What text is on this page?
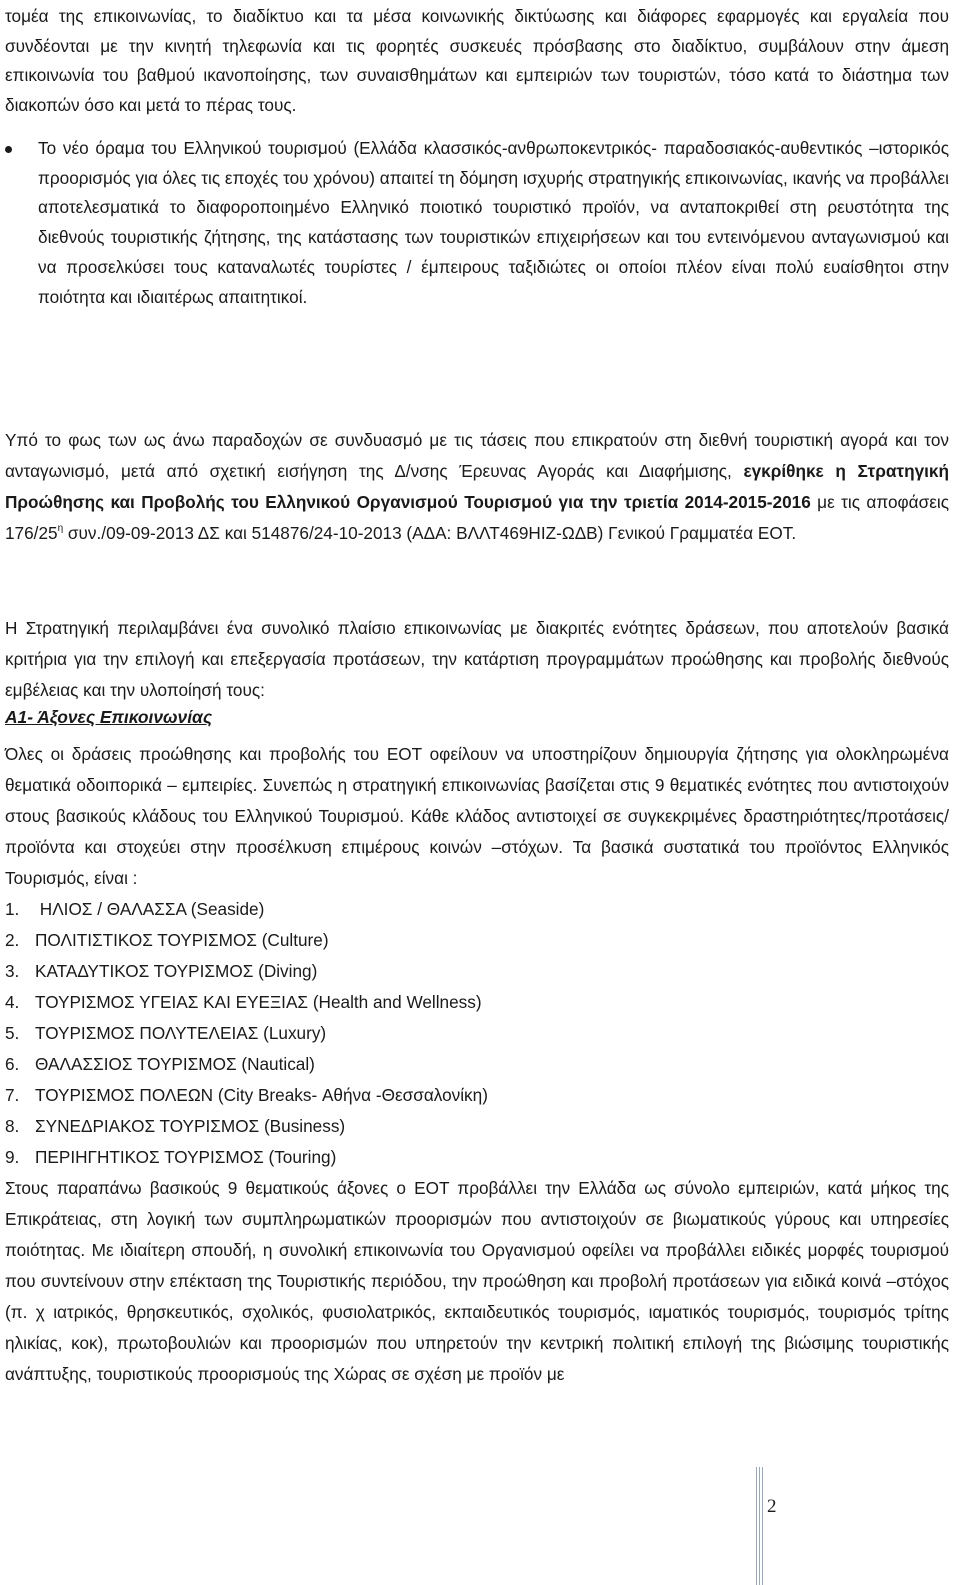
τομέα της επικοινωνίας, το διαδίκτυο και τα μέσα κοινωνικής δικτύωσης και διάφορες εφαρμογές και εργαλεία που συνδέονται με την κινητή τηλεφωνία και τις φορητές συσκευές πρόσβασης στο διαδίκτυο, συμβάλουν στην άμεση επικοινωνία του βαθμού ικανοποίησης, των συναισθημάτων και εμπειριών των τουριστών, τόσο κατά το διάστημα των διακοπών όσο και μετά το πέρας τους.

Το νέο όραμα του Ελληνικού τουρισμού (Ελλάδα κλασσικός-ανθρωποκεντρικός- παραδοσιακός-αυθεντικός –ιστορικός προορισμός για όλες τις εποχές του χρόνου) απαιτεί τη δόμηση ισχυρής στρατηγικής επικοινωνίας, ικανής να προβάλλει αποτελεσματικά το διαφοροποιημένο Ελληνικό ποιοτικό τουριστικό προϊόν, να ανταποκριθεί στη ρευστότητα της διεθνούς τουριστικής ζήτησης, της κατάστασης των τουριστικών επιχειρήσεων και του εντεινόμενου ανταγωνισμού και να προσελκύσει τους καταναλωτές τουρίστες / έμπειρους ταξιδιώτες οι οποίοι πλέον είναι πολύ ευαίσθητοι στην ποιότητα και ιδιαιτέρως απαιτητικοί.

Υπό το φως των ως άνω παραδοχών σε συνδυασμό με τις τάσεις που επικρατούν στη διεθνή τουριστική αγορά και τον ανταγωνισμό, μετά από σχετική εισήγηση της Δ/νσης Έρευνας Αγοράς και Διαφήμισης, εγκρίθηκε η Στρατηγική Προώθησης και Προβολής του Ελληνικού Οργανισμού Τουρισμού για την τριετία 2014-2015-2016 με τις αποφάσεις $176/25^\eta$ συν./09-09-2013 ΔΣ και 514876/24-10-2013 (ΑΔΑ: ΒΛΛΤ469ΗΙΖ-ΩΔΒ) Γενικού Γραμματέα ΕΟΤ.

Η Στρατηγική περιλαμβάνει ένα συνολικό πλαίσιο επικοινωνίας με διακριτές ενότητες δράσεων, που αποτελούν βασικά κριτήρια για την επιλογή και επεξεργασία προτάσεων, την κατάρτιση προγραμμάτων προώθησης και προβολής διεθνούς εμβέλειας και την υλοποίησή τους:

Α1- Άξονες Επικοινωνίας

Όλες οι δράσεις προώθησης και προβολής του ΕΟΤ οφείλουν να υποστηρίζουν δημιουργία ζήτησης για ολοκληρωμένα θεματικά οδοιπορικά – εμπειρίες. Συνεπώς η στρατηγική επικοινωνίας βασίζεται στις 9 θεματικές ενότητες που αντιστοιχούν στους βασικούς κλάδους του Ελληνικού Τουρισμού. Κάθε κλάδος αντιστοιχεί σε συγκεκριμένες δραστηριότητες/προτάσεις/προϊόντα και στοχεύει στην προσέλκυση επιμέρους κοινών –στόχων. Τα βασικά συστατικά του προϊόντος Ελληνικός Τουρισμός, είναι :

1. ΗΛΙΟΣ / ΘΑΛΑΣΣΑ (Seaside)
2. ΠΟΛΙΤΙΣΤΙΚΟΣ ΤΟΥΡΙΣΜΟΣ (Culture)
3. ΚΑΤΑΔΥΤΙΚΟΣ ΤΟΥΡΙΣΜΟΣ (Diving)
4. ΤΟΥΡΙΣΜΟΣ ΥΓΕΙΑΣ ΚΑΙ ΕΥΕΞΙΑΣ (Health and Wellness)
5. ΤΟΥΡΙΣΜΟΣ ΠΟΛΥΤΕΛΕΙΑΣ (Luxury)
6. ΘΑΛΑΣΣΙΟΣ ΤΟΥΡΙΣΜΟΣ (Nautical)
7. ΤΟΥΡΙΣΜΟΣ ΠΟΛΕΩΝ (City Breaks- Αθήνα -Θεσσαλονίκη)
8. ΣΥΝΕΔΡΙΑΚΟΣ ΤΟΥΡΙΣΜΟΣ (Business)
9. ΠΕΡΙΗΓΗΤΙΚΟΣ ΤΟΥΡΙΣΜΟΣ (Touring)

Στους παραπάνω βασικούς 9 θεματικούς άξονες ο ΕΟΤ προβάλλει την Ελλάδα ως σύνολο εμπειριών, κατά μήκος της Επικράτειας, στη λογική των συμπληρωματικών προορισμών που αντιστοιχούν σε βιωματικούς γύρους και υπηρεσίες ποιότητας. Με ιδιαίτερη σπουδή, η συνολική επικοινωνία του Οργανισμού οφείλει να προβάλλει ειδικές μορφές τουρισμού που συντείνουν στην επέκταση της Τουριστικής περιόδου, την προώθηση και προβολή προτάσεων για ειδικά κοινά –στόχος (π. χ ιατρικός, θρησκευτικός, σχολικός, φυσιολατρικός, εκπαιδευτικός τουρισμός, ιαματικός τουρισμός, τουρισμός τρίτης ηλικίας, κοκ), πρωτοβουλιών και προορισμών που υπηρετούν την κεντρική πολιτική επιλογή της βιώσιμης τουριστικής ανάπτυξης, τουριστικούς προορισμούς της Χώρας σε σχέση με προϊόν με

2
